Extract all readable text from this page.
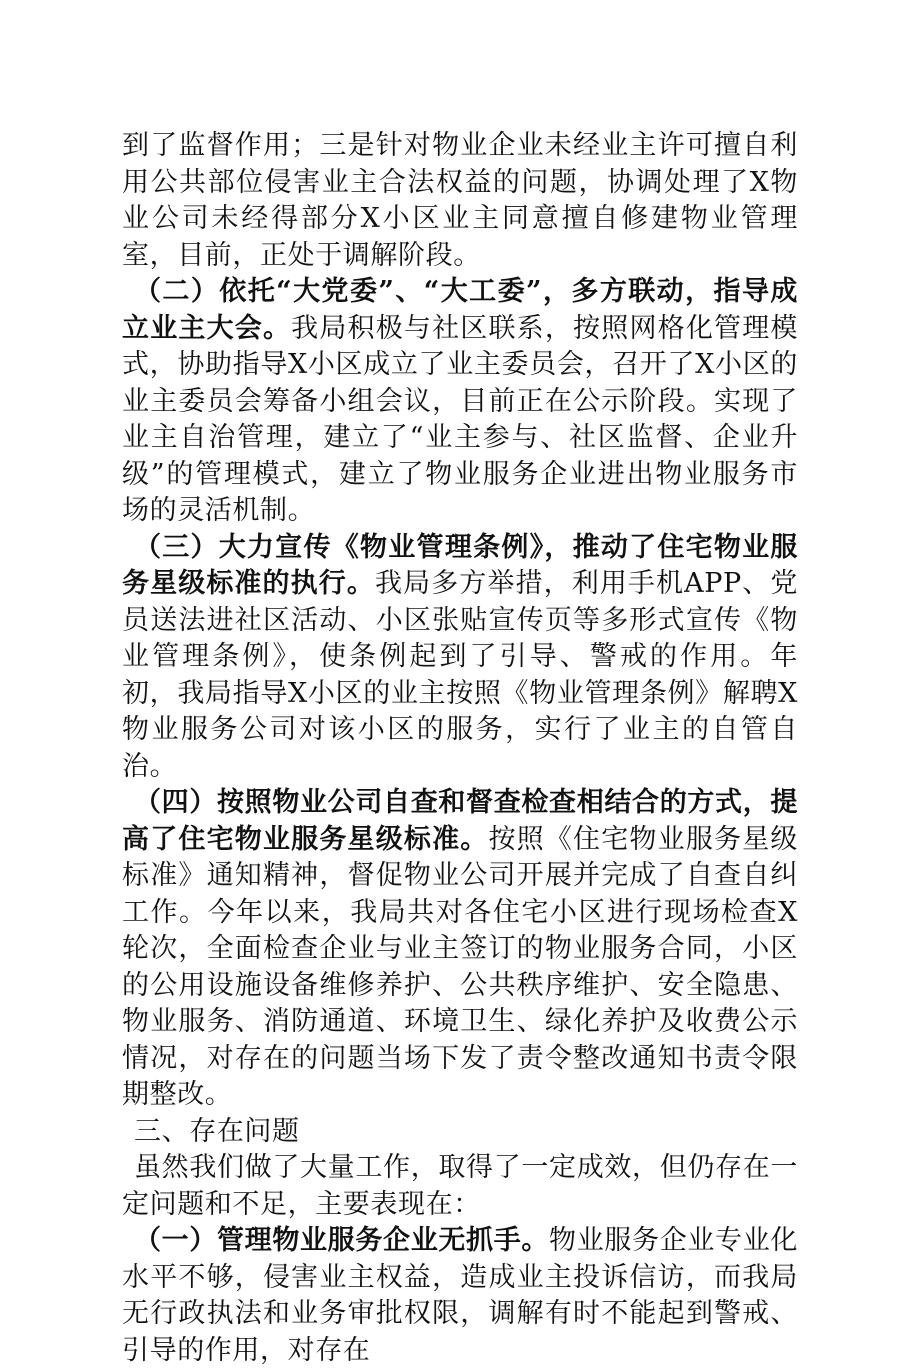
到了监督作用；三是针对物业企业未经业主许可擅自利用公共部位侵害业主合法权益的问题，协调处理了X物业公司未经得部分X小区业主同意擅自修建物业管理室，目前，正处于调解阶段。

（二）依托“大党委”、“大工委”，多方联动，指导成立业主大会。我局积极与社区联系，按照网格化管理模式，协助指导X小区成立了业主委员会，召开了X小区的业主委员会筹备小组会议，目前正在公示阶段。实现了业主自治管理，建立了“业主参与、社区监督、企业升级”的管理模式，建立了物业服务企业进出物业服务市场的灵活机制。

（三）大力宣传《物业管理条例》，推动了住宅物业服务星级标准的执行。我局多方举措，利用手机APP、党员送法进社区活动、小区张贴宣传页等多形式宣传《物业管理条例》，使条例起到了引导、警戒的作用。年初，我局指导X小区的业主按照《物业管理条例》解聘X物业服务公司对该小区的服务，实行了业主的自管自治。

（四）按照物业公司自查和督查检查相结合的方式，提高了住宅物业服务星级标准。按照《住宅物业服务星级标准》通知精神，督促物业公司开展并完成了自查自纠工作。今年以来，我局共对各住宅小区进行现场检查X轮次，全面检查企业与业主签订的物业服务合同，小区的公用设施设备维修养护、公共秩序维护、安全隐患、物业服务、消防通道、环境卫生、绿化养护及收费公示情况，对存在的问题当场下发了责令整改通知书责令限期整改。

三、存在问题

虽然我们做了大量工作，取得了一定成效，但仍存在一定问题和不足，主要表现在：

（一）管理物业服务企业无抓手。物业服务企业专业化水平不够，侵害业主权益，造成业主投诉信访，而我局无行政执法和业务审批权限，调解有时不能起到警戒、引导的作用，对存在
